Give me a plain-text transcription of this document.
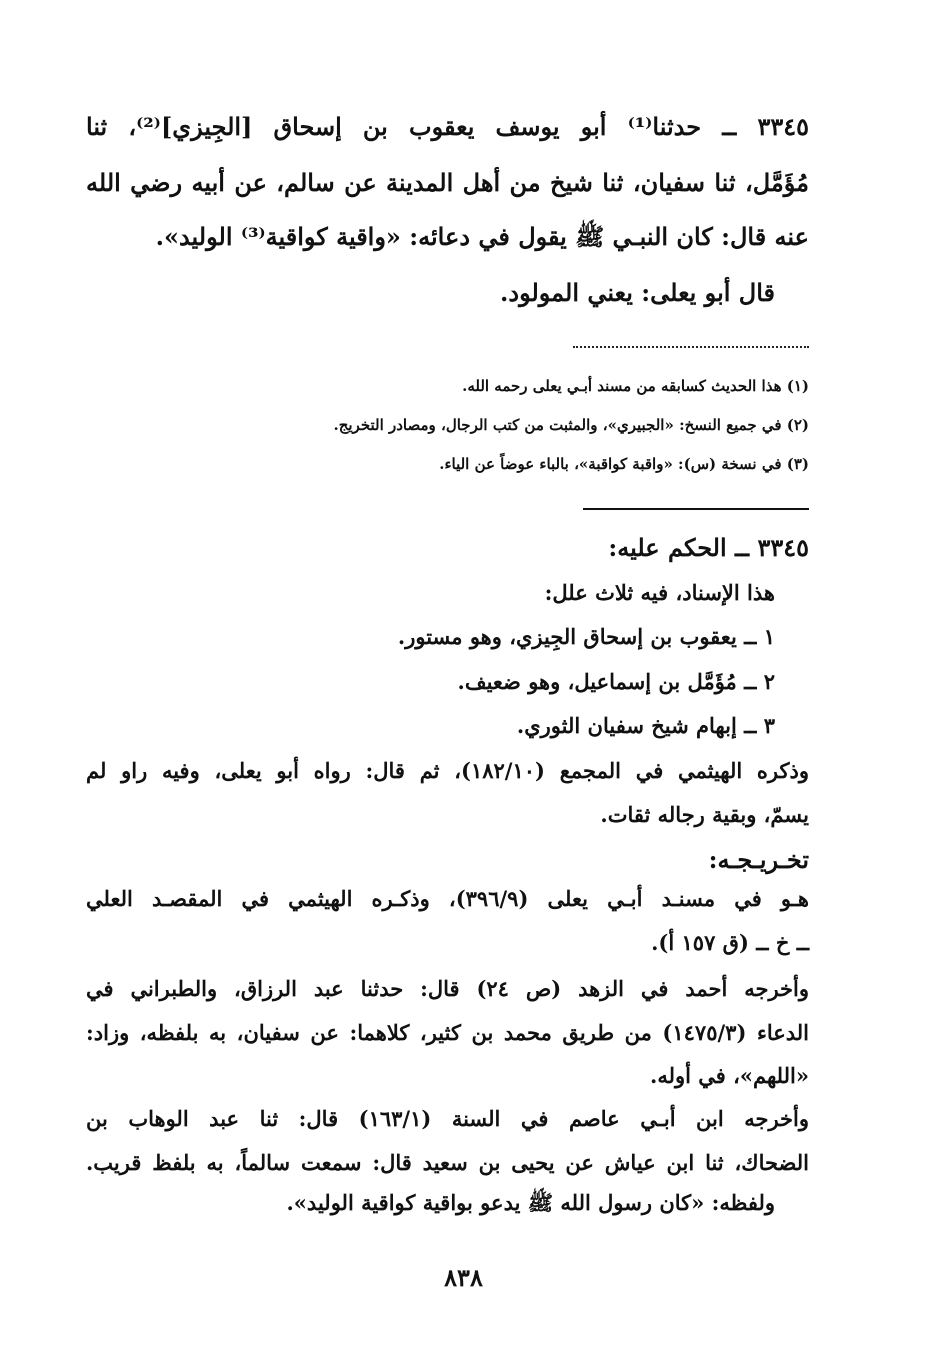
٣٣٤٥ ــ حدثنا⁽¹⁾ أبو يوسف يعقوب بن إسحاق [الجِيزي]⁽²⁾، ثنا
مُؤَمَّل، ثنا سفيان، ثنا شيخ من أهل المدينة عن سالم، عن أبيه رضي الله
عنه قال: كان النبـي ﷺ يقول في دعائه: «واقية كواقية⁽³⁾ الوليد».
قال أبو يعلى: يعني المولود.
(١) هذا الحديث كسابقه من مسند أبـي يعلى رحمه الله.
(٢) في جميع النسخ: «الجبيري»، والمثبت من كتب الرجال، ومصادر التخريج.
(٣) في نسخة (س): «واقبة كواقبة»، بالباء عوضاً عن الياء.
٣٣٤٥ ــ الحكم عليه:
هذا الإسناد، فيه ثلاث علل:
١ ــ يعقوب بن إسحاق الجِيزي، وهو مستور.
٢ ــ مُؤَمَّل بن إسماعيل، وهو ضعيف.
٣ ــ إبهام شيخ سفيان الثوري.
وذكره الهيثمي في المجمع (١٨٢/١٠)، ثم قال: رواه أبو يعلى، وفيه راو لم
يسمّ، وبقية رجاله ثقات.
تخـريـجـه:
هـو في مسنـد أبـي يعلى (٣٩٦/٩)، وذكـره الهيثمي في المقصـد العلي
ــ خ ــ (ق ١٥٧ أ).
وأخرجه أحمد في الزهد (ص ٢٤) قال: حدثنا عبد الرزاق، والطبراني في
الدعاء (١٤٧٥/٣) من طريق محمد بن كثير، كلاهما: عن سفيان، به بلفظه، وزاد:
«اللهم»، في أوله.
وأخرجه ابن أبـي عاصم في السنة (١٦٣/١) قال: ثنا عبد الوهاب بن
الضحاك، ثنا ابن عياش عن يحيى بن سعيد قال: سمعت سالماً، به بلفظ قريب.
ولفظه: «كان رسول الله ﷺ يدعو بواقية كواقية الوليد».
٨٣٨
